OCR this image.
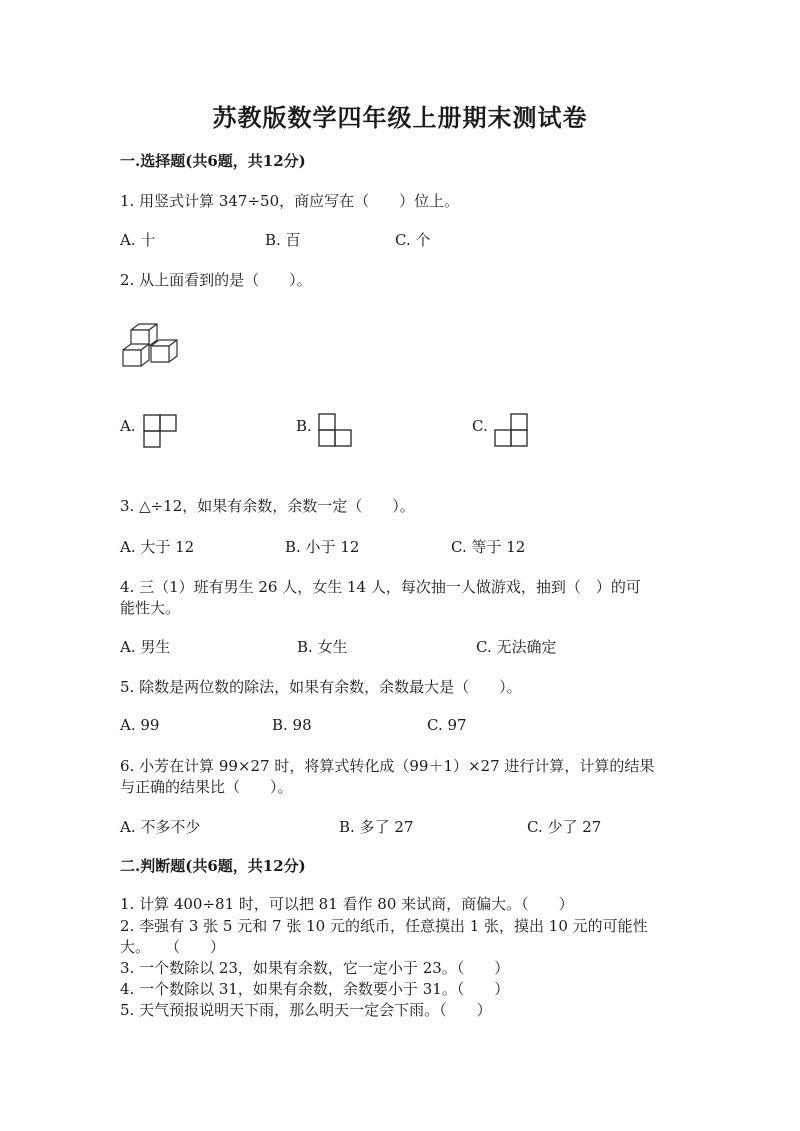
苏教版数学四年级上册期末测试卷
一.选择题(共6题，共12分)
1. 用竖式计算 347÷50，商应写在（　　）位上。
A. 十	B. 百	C. 个
2. 从上面看到的是（　　）。
A.	B.	C.
3. △÷12，如果有余数，余数一定（　　）。
A. 大于 12	B. 小于 12	C. 等于 12
4. 三（1）班有男生 26 人，女生 14 人，每次抽一人做游戏，抽到（　）的可
能性大。
A. 男生	B. 女生	C. 无法确定
5. 除数是两位数的除法，如果有余数，余数最大是（　　）。
A. 99	B. 98	C. 97
6. 小芳在计算 99×27 时，将算式转化成（99＋1）×27 进行计算，计算的结果
与正确的结果比（　　）。
A. 不多不少	B. 多了 27	C. 少了 27
二.判断题(共6题，共12分)
1. 计算 400÷81 时，可以把 81 看作 80 来试商，商偏大。（　　）
2. 李强有 3 张 5 元和 7 张 10 元的纸币，任意摸出 1 张，摸出 10 元的可能性
大。　　（　　）
3. 一个数除以 23，如果有余数，它一定小于 23。（　　）
4. 一个数除以 31，如果有余数，余数要小于 31。（　　）
5. 天气预报说明天下雨，那么明天一定会下雨。（　　）
